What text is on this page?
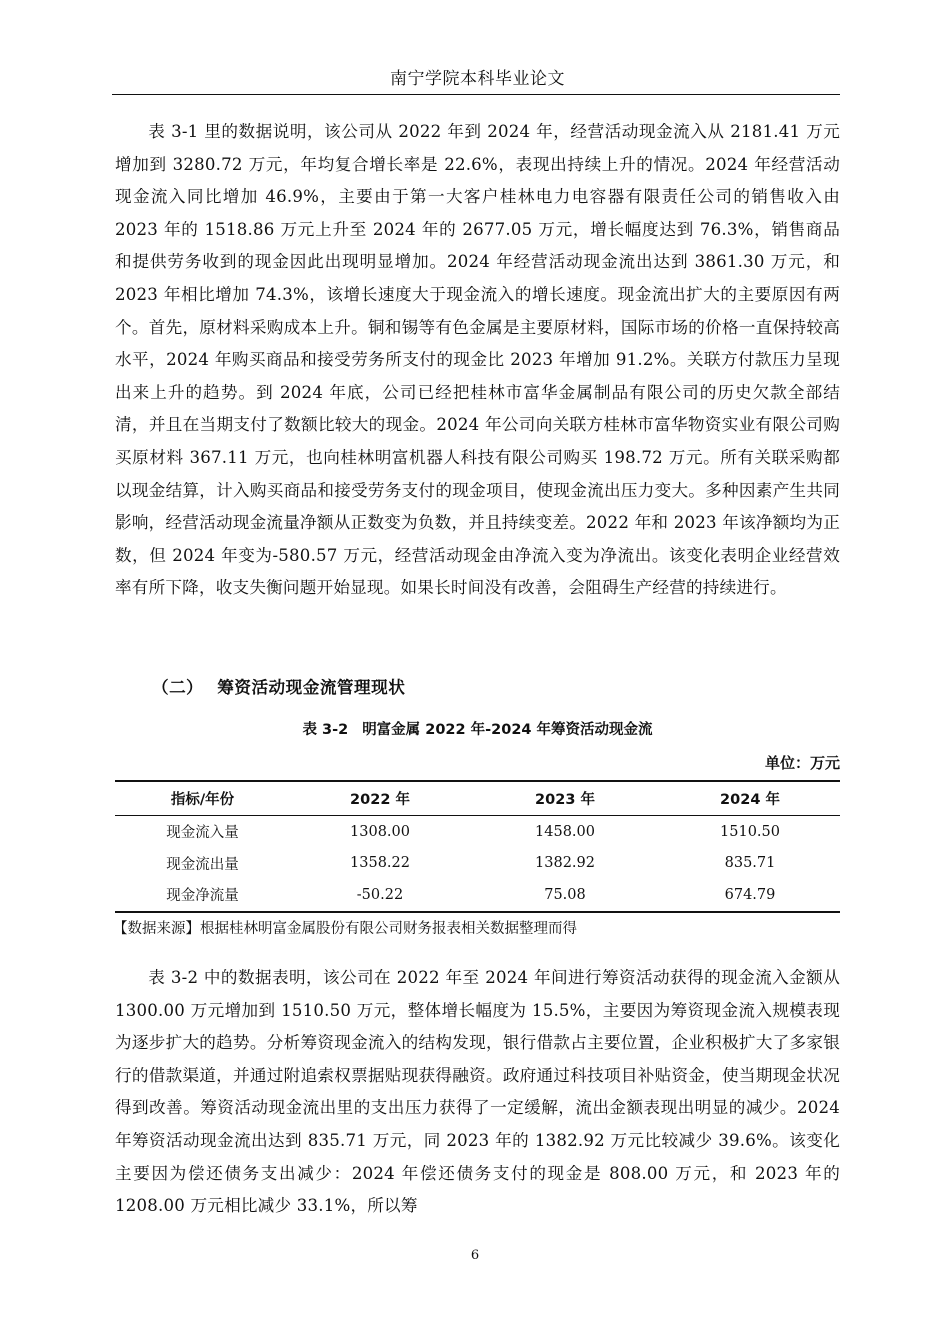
南宁学院本科毕业论文

表 3-1 里的数据说明，该公司从 2022 年到 2024 年，经营活动现金流入从 2181.41 万元增加到 3280.72 万元，年均复合增长率是 22.6%，表现出持续上升的情况。2024 年经营活动现金流入同比增加 46.9%，主要由于第一大客户桂林电力电容器有限责任公司的销售收入由 2023 年的 1518.86 万元上升至 2024 年的 2677.05 万元，增长幅度达到 76.3%，销售商品和提供劳务收到的现金因此出现明显增加。2024 年经营活动现金流出达到 3861.30 万元，和 2023 年相比增加 74.3%，该增长速度大于现金流入的增长速度。现金流出扩大的主要原因有两个。首先，原材料采购成本上升。铜和锡等有色金属是主要原材料，国际市场的价格一直保持较高水平，2024 年购买商品和接受劳务所支付的现金比 2023 年增加 91.2%。关联方付款压力呈现出来上升的趋势。到 2024 年底，公司已经把桂林市富华金属制品有限公司的历史欠款全部结清，并且在当期支付了数额比较大的现金。2024 年公司向关联方桂林市富华物资实业有限公司购买原材料 367.11 万元，也向桂林明富机器人科技有限公司购买 198.72 万元。所有关联采购都以现金结算，计入购买商品和接受劳务支付的现金项目，使现金流出压力变大。多种因素产生共同影响，经营活动现金流量净额从正数变为负数，并且持续变差。2022 年和 2023 年该净额均为正数，但 2024 年变为-580.57 万元，经营活动现金由净流入变为净流出。该变化表明企业经营效率有所下降，收支失衡问题开始显现。如果长时间没有改善，会阻碍生产经营的持续进行。

（二） 筹资活动现金流管理现状
表 3-2 明富金属 2022 年-2024 年筹资活动现金流
单位：万元
指标/年份	2022 年	2023 年	2024 年
现金流入量	1308.00	1458.00	1510.50
现金流出量	1358.22	1382.92	835.71
现金净流量	-50.22	75.08	674.79
【数据来源】根据桂林明富金属股份有限公司财务报表相关数据整理而得

表 3-2 中的数据表明，该公司在 2022 年至 2024 年间进行筹资活动获得的现金流入金额从 1300.00 万元增加到 1510.50 万元，整体增长幅度为 15.5%，主要因为筹资现金流入规模表现为逐步扩大的趋势。分析筹资现金流入的结构发现，银行借款占主要位置，企业积极扩大了多家银行的借款渠道，并通过附追索权票据贴现获得融资。政府通过科技项目补贴资金，使当期现金状况得到改善。筹资活动现金流出里的支出压力获得了一定缓解，流出金额表现出明显的减少。2024 年筹资活动现金流出达到 835.71 万元，同 2023 年的 1382.92 万元比较减少 39.6%。该变化主要因为偿还债务支出减少：2024 年偿还债务支付的现金是 808.00 万元，和 2023 年的 1208.00 万元相比减少 33.1%，所以筹

6
